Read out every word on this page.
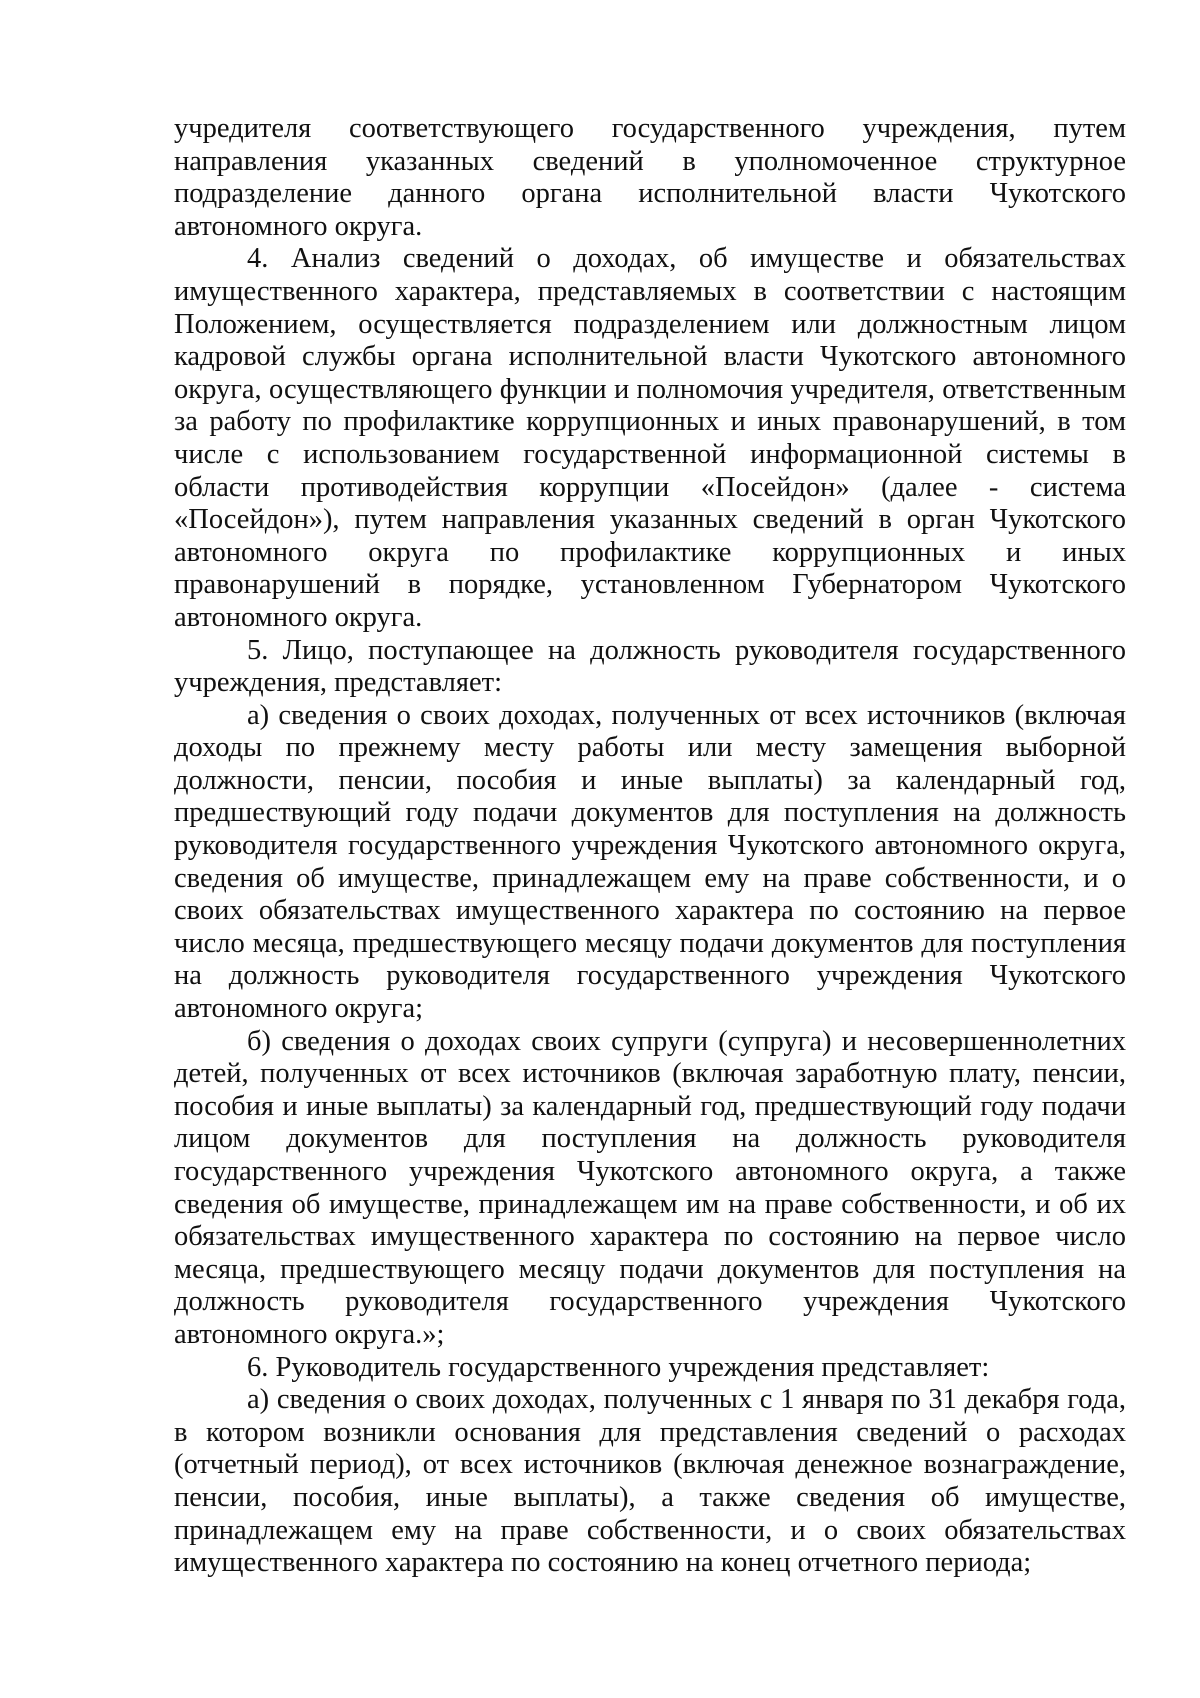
учредителя соответствующего государственного учреждения, путем направления указанных сведений в уполномоченное структурное подразделение данного органа исполнительной власти Чукотского автономного округа.

4. Анализ сведений о доходах, об имуществе и обязательствах имущественного характера, представляемых в соответствии с настоящим Положением, осуществляется подразделением или должностным лицом кадровой службы органа исполнительной власти Чукотского автономного округа, осуществляющего функции и полномочия учредителя, ответственным за работу по профилактике коррупционных и иных правонарушений, в том числе с использованием государственной информационной системы в области противодействия коррупции «Посейдон» (далее - система «Посейдон»), путем направления указанных сведений в орган Чукотского автономного округа по профилактике коррупционных и иных правонарушений в порядке, установленном Губернатором Чукотского автономного округа.

5. Лицо, поступающее на должность руководителя государственного учреждения, представляет:

а) сведения о своих доходах, полученных от всех источников (включая доходы по прежнему месту работы или месту замещения выборной должности, пенсии, пособия и иные выплаты) за календарный год, предшествующий году подачи документов для поступления на должность руководителя государственного учреждения Чукотского автономного округа, сведения об имуществе, принадлежащем ему на праве собственности, и о своих обязательствах имущественного характера по состоянию на первое число месяца, предшествующего месяцу подачи документов для поступления на должность руководителя государственного учреждения Чукотского автономного округа;

б) сведения о доходах своих супруги (супруга) и несовершеннолетних детей, полученных от всех источников (включая заработную плату, пенсии, пособия и иные выплаты) за календарный год, предшествующий году подачи лицом документов для поступления на должность руководителя государственного учреждения Чукотского автономного округа, а также сведения об имуществе, принадлежащем им на праве собственности, и об их обязательствах имущественного характера по состоянию на первое число месяца, предшествующего месяцу подачи документов для поступления на должность руководителя государственного учреждения Чукотского автономного округа.»;

6. Руководитель государственного учреждения представляет:

а) сведения о своих доходах, полученных с 1 января по 31 декабря года, в котором возникли основания для представления сведений о расходах (отчетный период), от всех источников (включая денежное вознаграждение, пенсии, пособия, иные выплаты), а также сведения об имуществе, принадлежащем ему на праве собственности, и о своих обязательствах имущественного характера по состоянию на конец отчетного периода;
